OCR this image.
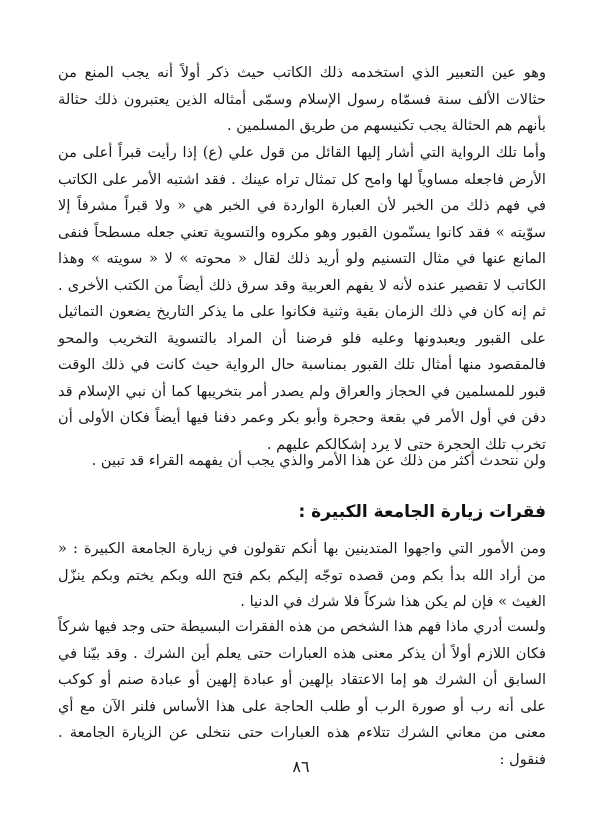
وهو عين التعبير الذي استخدمه ذلك الكاتب حيث ذكر أولاً أنه يجب المنع من حثالات الألف سنة فسمّاه رسول الإسلام وسمّى أمثاله الذين يعتبرون ذلك حثالة بأنهم هم الحثالة يجب تكنيسهم من طريق المسلمين .

وأما تلك الرواية التي أشار إليها القائل من قول علي (ع) إذا رأيت قبراً أعلى من الأرض فاجعله مساوياً لها وامح كل تمثال تراه عينك . فقد اشتبه الأمر على الكاتب في فهم ذلك من الخبر لأن العبارة الواردة في الخبر هي « ولا قبراً مشرفاً إلا سوّيته » فقد كانوا يسنّمون القبور وهو مكروه والتسوية تعني جعله مسطحاً فنفى المانع عنها في مثال التسنيم ولو أريد ذلك لقال « محوته » لا « سويته » وهذا الكاتب لا تقصير عنده لأنه لا يفهم العربية وقد سرق ذلك أيضاً من الكتب الأخرى . ثم إنه كان في ذلك الزمان بقية وثنية فكانوا على ما يذكر التاريخ يضعون التماثيل على القبور ويعبدونها وعليه فلو فرضنا أن المراد بالتسوية التخريب والمحو فالمقصود منها أمثال تلك القبور بمناسبة حال الرواية حيث كانت في ذلك الوقت قبور للمسلمين في الحجاز والعراق ولم يصدر أمر بتخريبها كما أن نبي الإسلام قد دفن في أول الأمر في بقعة وحجرة وأبو بكر وعمر دفنا فيها أيضاً فكان الأولى أن تخرب تلك الحجرة حتى لا يرد إشكالكم عليهم .

ولن نتحدث أكثر من ذلك عن هذا الأمر والذي يجب أن يفهمه القراء قد تبين .

فقرات زيارة الجامعة الكبيرة :

ومن الأمور التي واجهوا المتدينين بها أنكم تقولون في زيارة الجامعة الكبيرة : « من أراد الله بدأ بكم ومن قصده توجّه إليكم بكم فتح الله وبكم يختم وبكم ينزّل الغيث » فإن لم يكن هذا شركاً فلا شرك في الدنيا .

ولست أدري ماذا فهم هذا الشخص من هذه الفقرات البسيطة حتى وجد فيها شركاً فكان اللازم أولاً أن يذكر معنى هذه العبارات حتى يعلم أين الشرك . وقد بيّنا في السابق أن الشرك هو إما الاعتقاد بإلهين أو عبادة إلهين أو عبادة صنم أو كوكب على أنه رب أو صورة الرب أو طلب الحاجة على هذا الأساس فلنر الآن مع أي معنى من معاني الشرك تتلاءم هذه العبارات حتى نتخلى عن الزيارة الجامعة . فنقول :

٨٦
